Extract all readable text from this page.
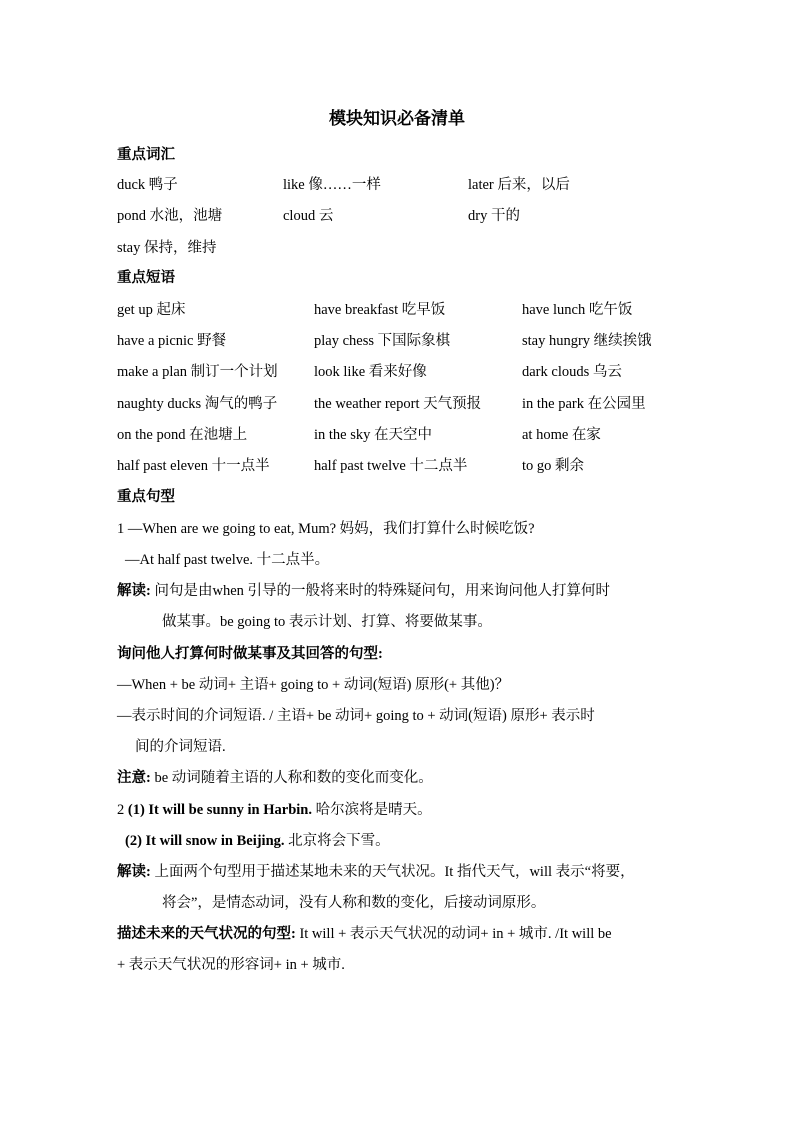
模块知识必备清单
重点词汇
duck 鸭子	like 像……一样	later 后来，以后
pond 水池，池塘	cloud 云	dry 干的
stay 保持，维持
重点短语
get up 起床	have breakfast 吃早饭	have lunch 吃午饭
have a picnic 野餐	play chess 下国际象棋	stay hungry 继续挨饿
make a plan 制订一个计划	look like 看来好像	dark clouds 乌云
naughty ducks 淘气的鸭子	the weather report 天气预报	in the park 在公园里
on the pond 在池塘上	in the sky 在天空中	at home 在家
half past eleven 十一点半	half past twelve 十二点半	to go 剩余
重点句型
1 —When are we going to eat, Mum? 妈妈，我们打算什么时候吃饭?
—At half past twelve. 十二点半。
解读: 问句是由when 引导的一般将来时的特殊疑问句，用来询问他人打算何时
做某事。be going to 表示计划、打算、将要做某事。
询问他人打算何时做某事及其回答的句型:
—When + be 动词+ 主语+ going to + 动词(短语) 原形(+ 其他)？
—表示时间的介词短语. / 主语+ be 动词+ going to + 动词(短语) 原形+ 表示时
间的介词短语.
注意: be 动词随着主语的人称和数的变化而变化。
2 (1) It will be sunny in Harbin. 哈尔滨将是晴天。
(2) It will snow in Beijing. 北京将会下雪。
解读: 上面两个句型用于描述某地未来的天气状况。It 指代天气，will 表示“将要，
将会”，是情态动词，没有人称和数的变化，后接动词原形。
描述未来的天气状况的句型: It will + 表示天气状况的动词+ in + 城市. /It will be
+ 表示天气状况的形容词+ in + 城市.
